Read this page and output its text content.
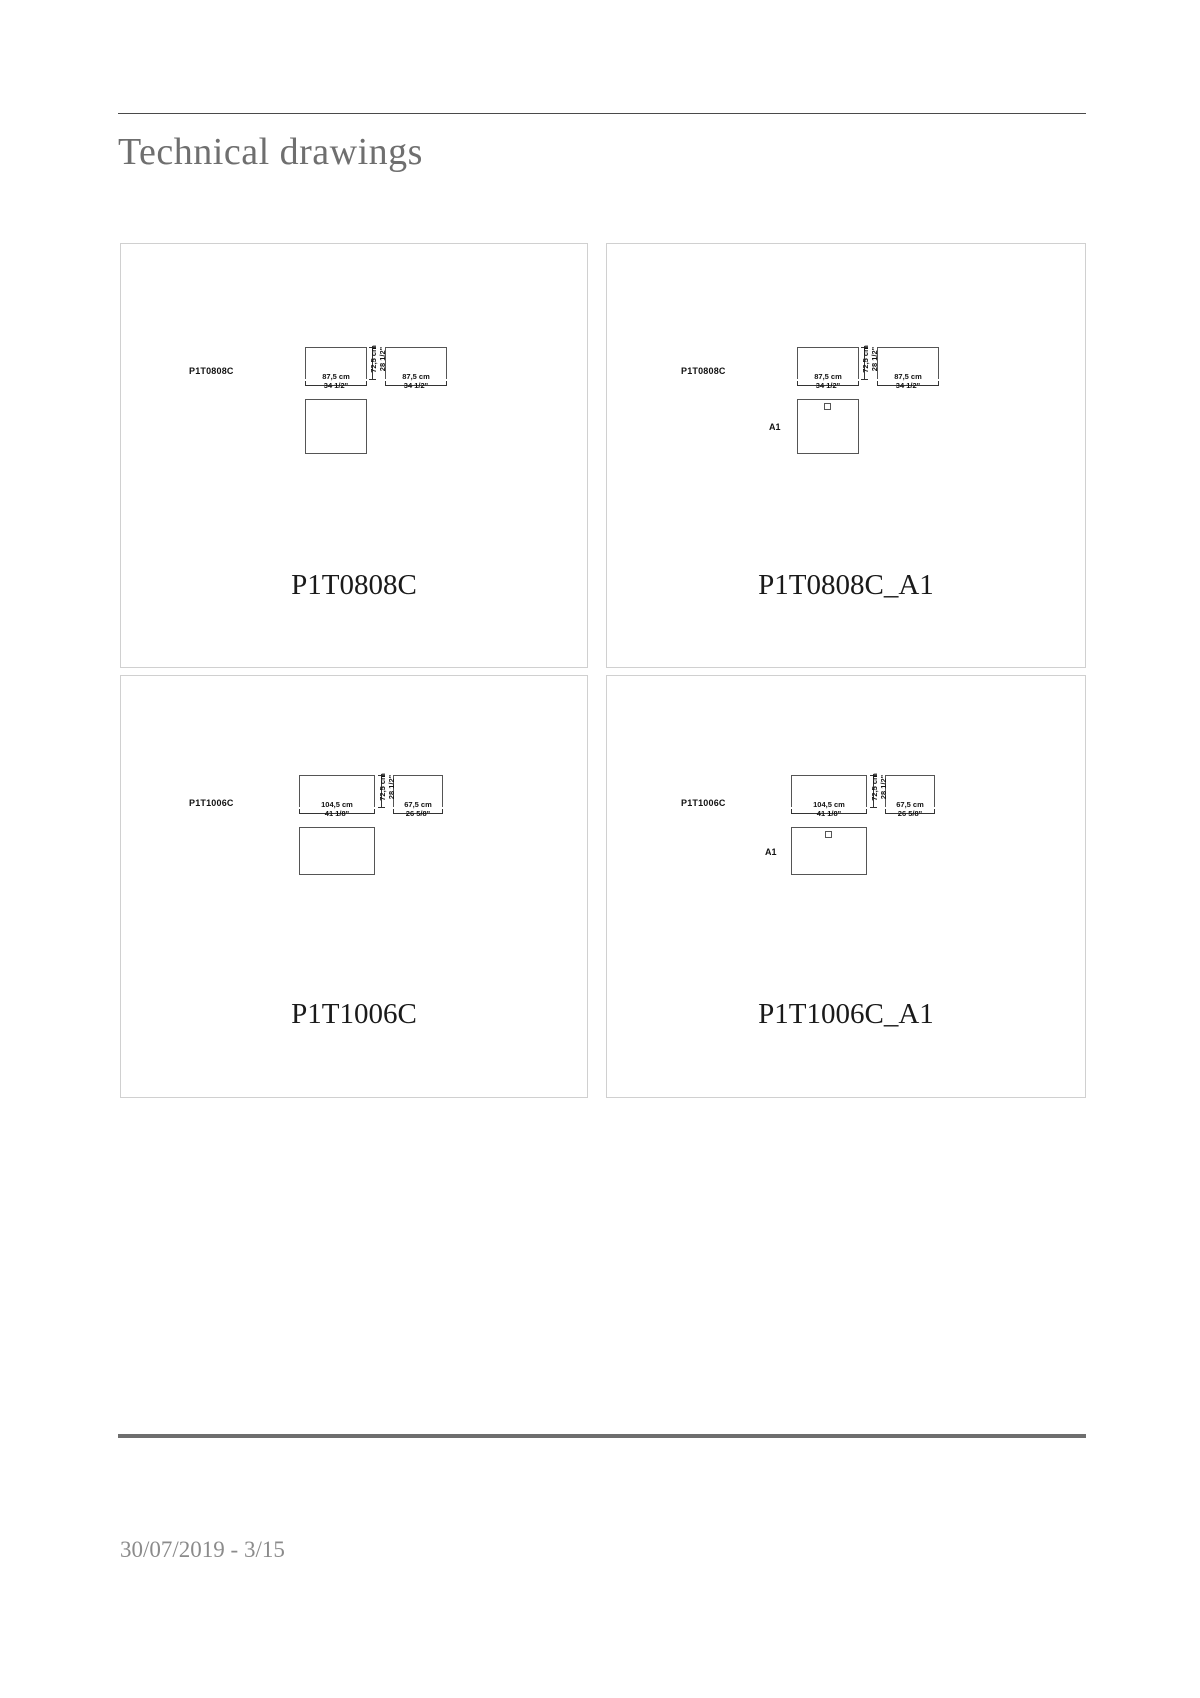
Technical drawings
P1T0808C	72,5 cm
28 1/2"
87,5 cm
34 1/2"
87,5 cm
34 1/2"
P1T0808C
P1T0808C	72,5 cm
28 1/2"
87,5 cm
34 1/2"
87,5 cm
34 1/2"
A1
P1T0808C_A1
P1T1006C
72,5 cm
28 1/2"
104,5 cm
41 1/8"
67,5 cm
26 5/8"
P1T1006C
P1T1006C
72,5 cm
28 1/2"
104,5 cm
41 1/8"
67,5 cm
26 5/8"
A1
P1T1006C_A1
30/07/2019 - 3/15
